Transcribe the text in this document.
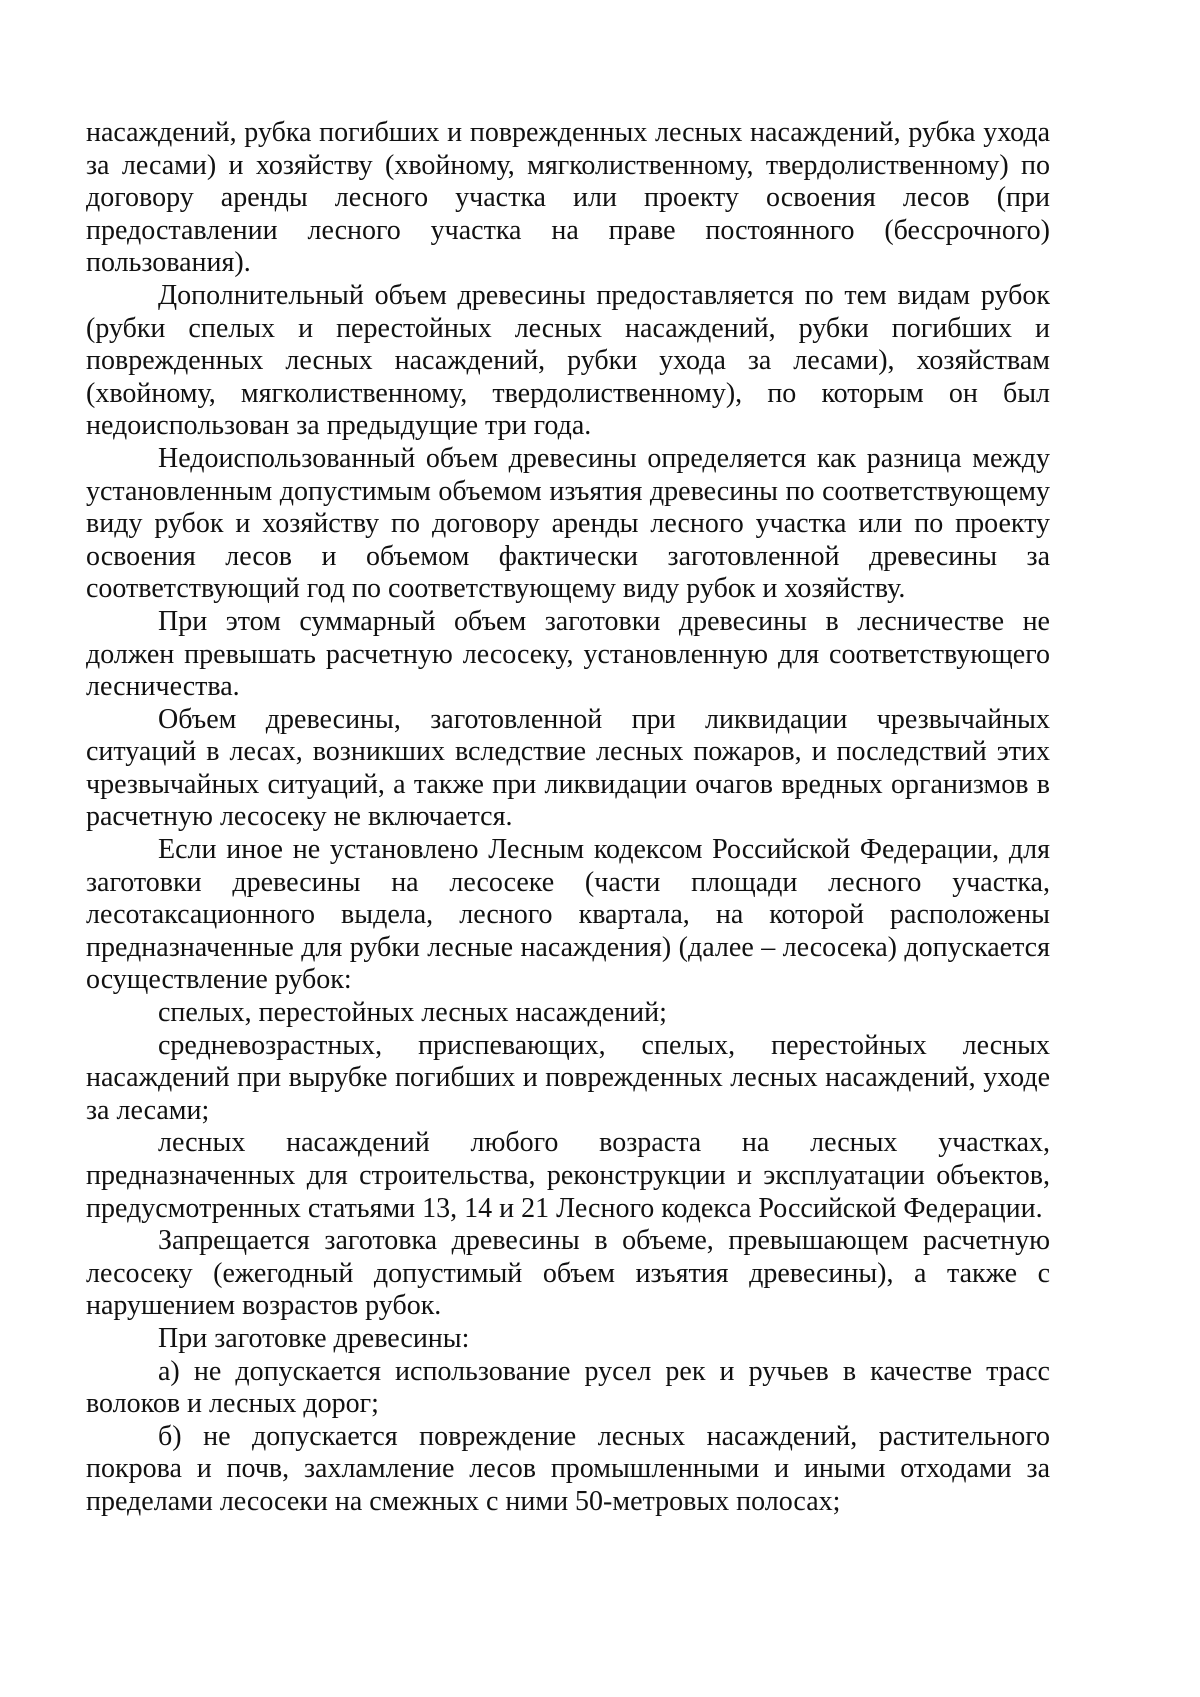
насаждений, рубка погибших и поврежденных лесных насаждений, рубка ухода за лесами) и хозяйству (хвойному, мягколиственному, твердолиственному) по договору аренды лесного участка или проекту освоения лесов (при предоставлении лесного участка на праве постоянного (бессрочного) пользования).

Дополнительный объем древесины предоставляется по тем видам рубок (рубки спелых и перестойных лесных насаждений, рубки погибших и поврежденных лесных насаждений, рубки ухода за лесами), хозяйствам (хвойному, мягколиственному, твердолиственному), по которым он был недоиспользован за предыдущие три года.

Недоиспользованный объем древесины определяется как разница между установленным допустимым объемом изъятия древесины по соответствующему виду рубок и хозяйству по договору аренды лесного участка или по проекту освоения лесов и объемом фактически заготовленной древесины за соответствующий год по соответствующему виду рубок и хозяйству.

При этом суммарный объем заготовки древесины в лесничестве не должен превышать расчетную лесосеку, установленную для соответствующего лесничества.

Объем древесины, заготовленной при ликвидации чрезвычайных ситуаций в лесах, возникших вследствие лесных пожаров, и последствий этих чрезвычайных ситуаций, а также при ликвидации очагов вредных организмов в расчетную лесосеку не включается.

Если иное не установлено Лесным кодексом Российской Федерации, для заготовки древесины на лесосеке (части площади лесного участка, лесотаксационного выдела, лесного квартала, на которой расположены предназначенные для рубки лесные насаждения) (далее – лесосека) допускается осуществление рубок:

спелых, перестойных лесных насаждений;

средневозрастных, приспевающих, спелых, перестойных лесных насаждений при вырубке погибших и поврежденных лесных насаждений, уходе за лесами;

лесных насаждений любого возраста на лесных участках, предназначенных для строительства, реконструкции и эксплуатации объектов, предусмотренных статьями 13, 14 и 21 Лесного кодекса Российской Федерации.

Запрещается заготовка древесины в объеме, превышающем расчетную лесосеку (ежегодный допустимый объем изъятия древесины), а также с нарушением возрастов рубок.

При заготовке древесины:

а) не допускается использование русел рек и ручьев в качестве трасс волоков и лесных дорог;

б) не допускается повреждение лесных насаждений, растительного покрова и почв, захламление лесов промышленными и иными отходами за пределами лесосеки на смежных с ними 50-метровых полосах;
